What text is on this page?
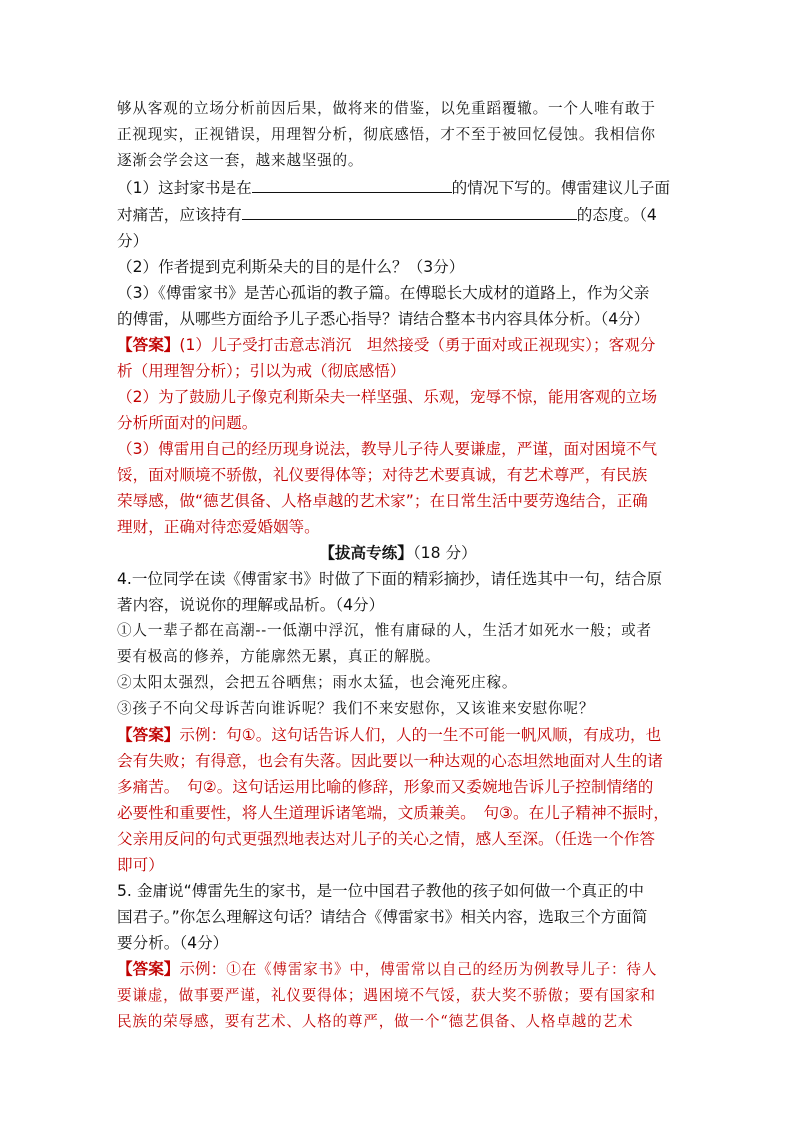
够从客观的立场分析前因后果，做将来的借鉴，以免重蹈覆辙。一个人唯有敢于

正视现实，正视错误，用理智分析，彻底感悟，才不至于被回忆侵蚀。我相信你

逐渐会学会这一套，越来越坚强的。

（1）这封家书是在	的情况下写的。傅雷建议儿子面

对痛苦，应该持有	的态度。（4

分）

（2）作者提到克利斯朵夫的目的是什么？（3分）

（3）《傅雷家书》是苦心孤诣的教子篇。在傅聪长大成材的道路上，作为父亲

的傅雷，从哪些方面给予儿子悉心指导？请结合整本书内容具体分析。（4分）

【答案】(1）儿子受打击意志消沉　坦然接受（勇于面对或正视现实）；客观分

析（用理智分析）；引以为戒（彻底感悟）

（2）为了鼓励儿子像克利斯朵夫一样坚强、乐观，宠辱不惊，能用客观的立场

分析所面对的问题。

（3）傅雷用自己的经历现身说法，教导儿子待人要谦虚，严谨，面对困境不气

馁，面对顺境不骄傲，礼仪要得体等；对待艺术要真诚，有艺术尊严，有民族

荣辱感，做“德艺俱备、人格卓越的艺术家”；在日常生活中要劳逸结合，正确

理财，正确对待恋爱婚姻等。

【拔高专练】（18 分）

4.一位同学在读《傅雷家书》时做了下面的精彩摘抄，请任选其中一句，结合原

著内容，说说你的理解或品析。（4分）

①人一辈子都在高潮--一低潮中浮沉，惟有庸碌的人，生活才如死水一般；或者

要有极高的修养，方能廓然无累，真正的解脱。

②太阳太强烈，会把五谷晒焦；雨水太猛，也会淹死庄稼。

③孩子不向父母诉苦向谁诉呢？我们不来安慰你，又该谁来安慰你呢？

【答案】示例：句①。这句话告诉人们，人的一生不可能一帆风顺，有成功，也

会有失败；有得意，也会有失落。因此要以一种达观的心态坦然地面对人生的诸

多痛苦。　句②。这句话运用比喻的修辞，形象而又委婉地告诉儿子控制情绪的

必要性和重要性，将人生道理诉诸笔端，文质兼美。　句③。在儿子精神不振时，

父亲用反问的句式更强烈地表达对儿子的关心之情，感人至深。（任选一个作答

即可）

5. 金庸说“傅雷先生的家书，是一位中国君子教他的孩子如何做一个真正的中

国君子。”你怎么理解这句话？请结合《傅雷家书》相关内容，选取三个方面简

要分析。（4分）

【答案】示例：①在《傅雷家书》中，傅雷常以自己的经历为例教导儿子：待人

要谦虚，做事要严谨，礼仪要得体；遇困境不气馁，获大奖不骄傲；要有国家和

民族的荣辱感，要有艺术、人格的尊严，做一个“德艺俱备、人格卓越的艺术
